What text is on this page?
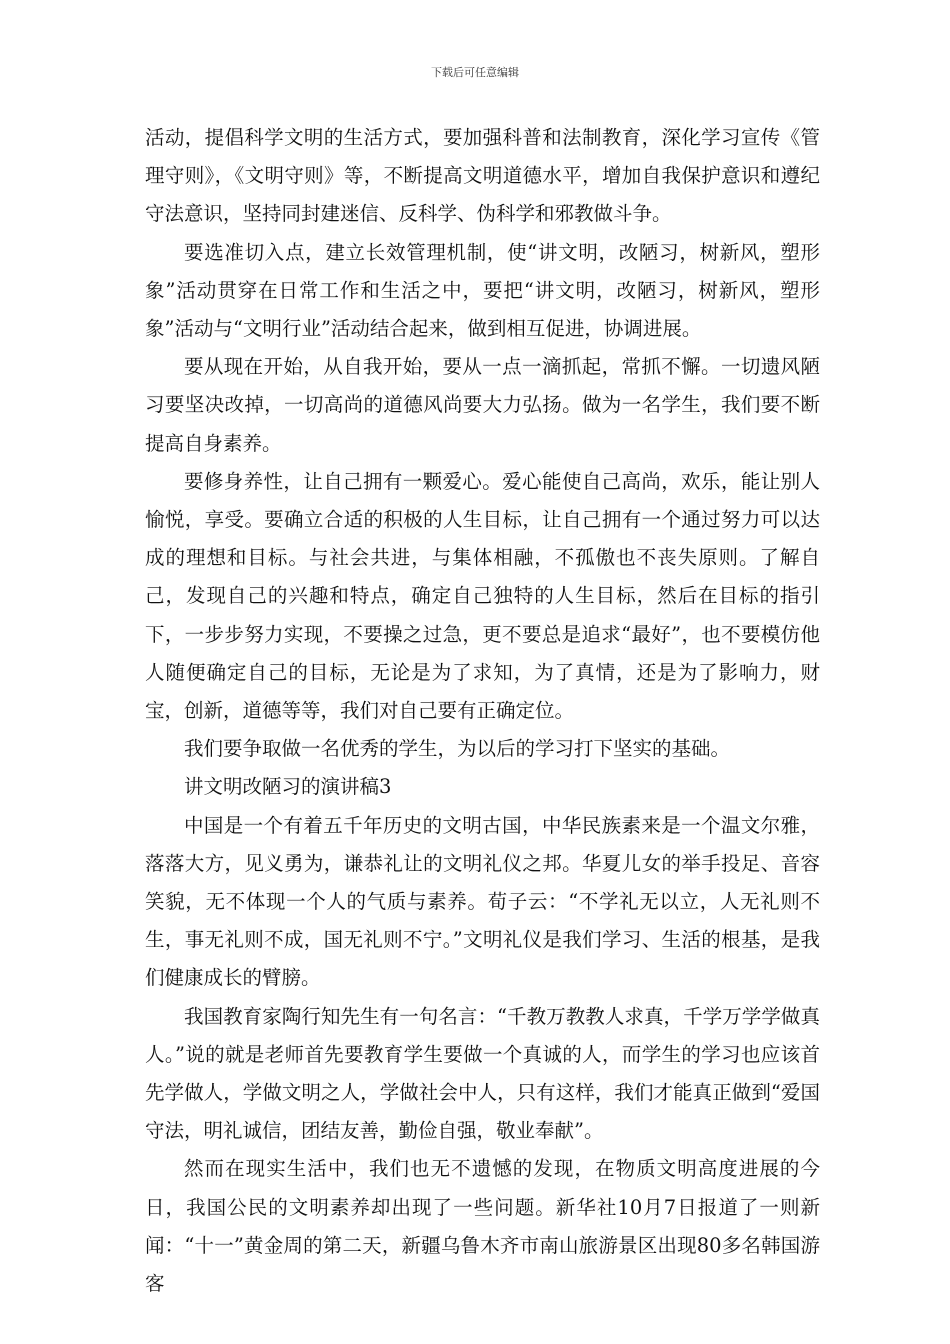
下载后可任意编辑

活动，提倡科学文明的生活方式，要加强科普和法制教育，深化学习宣传《管理守则》，《文明守则》等，不断提高文明道德水平，增加自我保护意识和遵纪守法意识，坚持同封建迷信、反科学、伪科学和邪教做斗争。

要选准切入点，建立长效管理机制，使“讲文明，改陋习，树新风，塑形象”活动贯穿在日常工作和生活之中，要把“讲文明，改陋习，树新风，塑形象”活动与“文明行业”活动结合起来，做到相互促进，协调进展。

要从现在开始，从自我开始，要从一点一滴抓起，常抓不懈。一切遗风陋习要坚决改掉，一切高尚的道德风尚要大力弘扬。做为一名学生，我们要不断提高自身素养。

要修身养性，让自己拥有一颗爱心。爱心能使自己高尚，欢乐，能让别人愉悦，享受。要确立合适的积极的人生目标，让自己拥有一个通过努力可以达成的理想和目标。与社会共进，与集体相融，不孤傲也不丧失原则。了解自己，发现自己的兴趣和特点，确定自己独特的人生目标，然后在目标的指引下，一步步努力实现，不要操之过急，更不要总是追求“最好”，也不要模仿他人随便确定自己的目标，无论是为了求知，为了真情，还是为了影响力，财宝，创新，道德等等，我们对自己要有正确定位。

我们要争取做一名优秀的学生，为以后的学习打下坚实的基础。

讲文明改陋习的演讲稿3

中国是一个有着五千年历史的文明古国，中华民族素来是一个温文尔雅，落落大方，见义勇为，谦恭礼让的文明礼仪之邦。华夏儿女的举手投足、音容笑貌，无不体现一个人的气质与素养。荀子云：“不学礼无以立，人无礼则不生，事无礼则不成，国无礼则不宁。”文明礼仪是我们学习、生活的根基，是我们健康成长的臂膀。

我国教育家陶行知先生有一句名言：“千教万教教人求真，千学万学学做真人。”说的就是老师首先要教育学生要做一个真诚的人，而学生的学习也应该首先学做人，学做文明之人，学做社会中人，只有这样，我们才能真正做到“爱国守法，明礼诚信，团结友善，勤俭自强，敬业奉献”。

然而在现实生活中，我们也无不遗憾的发现，在物质文明高度进展的今日，我国公民的文明素养却出现了一些问题。新华社10月7日报道了一则新闻：“十一”黄金周的第二天，新疆乌鲁木齐市南山旅游景区出现80多名韩国游客
